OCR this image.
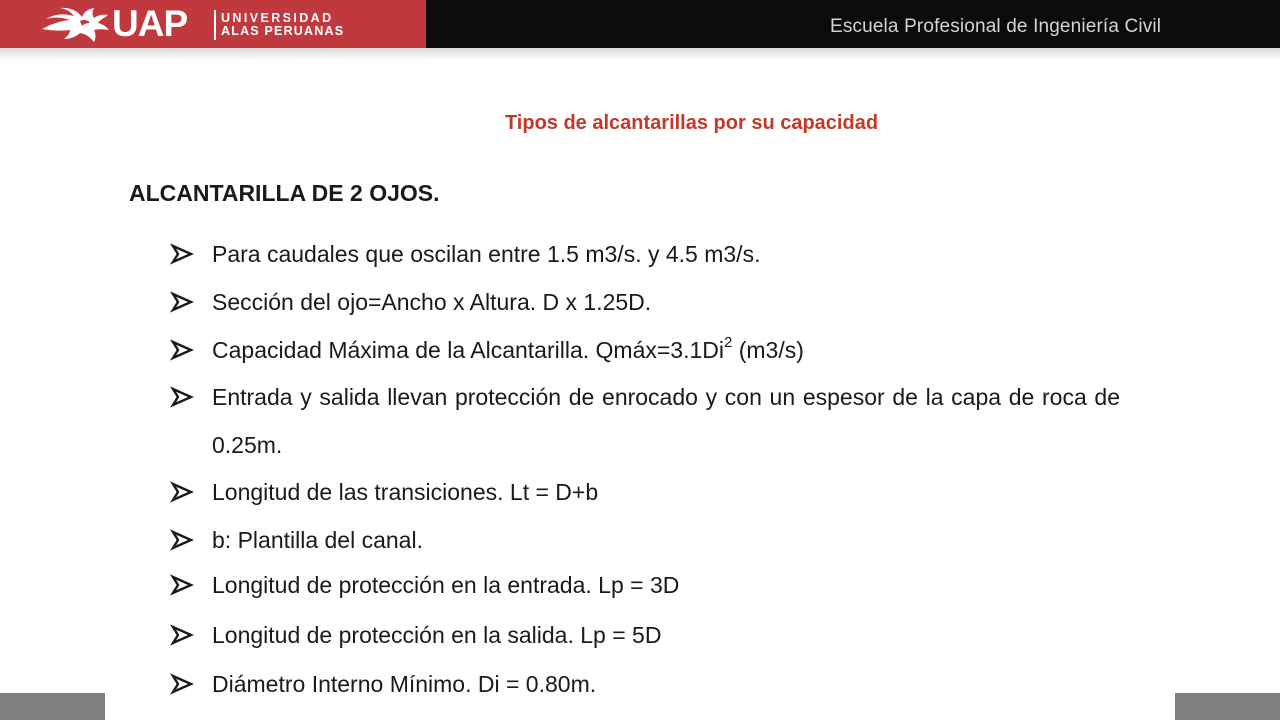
UAP	UNIVERSIDAD
ALAS PERUANAS	Escuela Profesional de Ingeniería Civil
Tipos de alcantarillas por su capacidad
ALCANTARILLA DE 2 OJOS.
Para caudales que oscilan entre 1.5 m3/s. y 4.5 m3/s.
Sección del ojo=Ancho x Altura. D x 1.25D.
Capacidad Máxima de la Alcantarilla. $Qmáx=3.1Di^2$ (m3/s)
Entrada y salida llevan protección de enrocado y con un espesor de la capa de roca de 0.25m.
Longitud de las transiciones. Lt = D+b
b: Plantilla del canal.
Longitud de protección en la entrada. Lp = 3D
Longitud de protección en la salida. Lp = 5D
Diámetro Interno Mínimo. Di = 0.80m.
